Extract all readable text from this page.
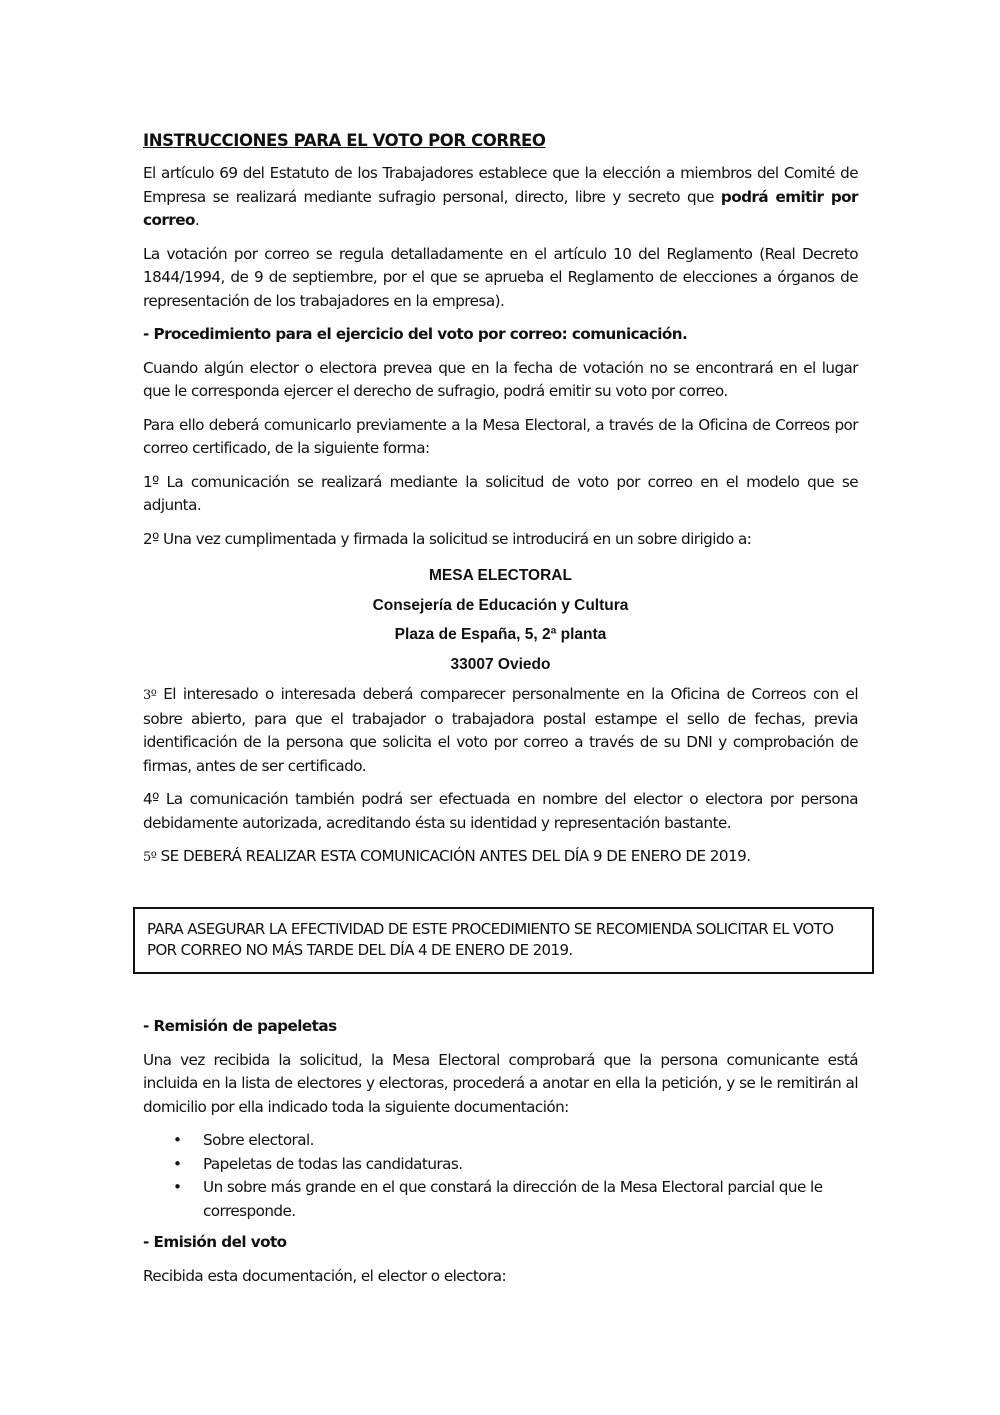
INSTRUCCIONES PARA EL VOTO POR CORREO

El artículo 69 del Estatuto de los Trabajadores establece que la elección a miembros del Comité de Empresa se realizará mediante sufragio personal, directo, libre y secreto que podrá emitir por correo.

La votación por correo se regula detalladamente en el artículo 10 del Reglamento (Real Decreto 1844/1994, de 9 de septiembre, por el que se aprueba el Reglamento de elecciones a órganos de representación de los trabajadores en la empresa).

- Procedimiento para el ejercicio del voto por correo: comunicación.

Cuando algún elector o electora prevea que en la fecha de votación no se encontrará en el lugar que le corresponda ejercer el derecho de sufragio, podrá emitir su voto por correo.

Para ello deberá comunicarlo previamente a la Mesa Electoral, a través de la Oficina de Correos por correo certificado, de la siguiente forma:

1º La comunicación se realizará mediante la solicitud de voto por correo en el modelo que se adjunta.

2º Una vez cumplimentada y firmada la solicitud se introducirá en un sobre dirigido a:

MESA ELECTORAL
Consejería de Educación y Cultura
Plaza de España, 5, 2ª planta
33007 Oviedo

3º El interesado o interesada deberá comparecer personalmente en la Oficina de Correos con el sobre abierto, para que el trabajador o trabajadora postal estampe el sello de fechas, previa identificación de la persona que solicita el voto por correo a través de su DNI y comprobación de firmas, antes de ser certificado.

4º La comunicación también podrá ser efectuada en nombre del elector o electora por persona debidamente autorizada, acreditando ésta su identidad y representación bastante.

5º SE DEBERÁ REALIZAR ESTA COMUNICACIÓN ANTES DEL DÍA 9 DE ENERO DE 2019.

PARA ASEGURAR LA EFECTIVIDAD DE ESTE PROCEDIMIENTO SE RECOMIENDA SOLICITAR EL VOTO POR CORREO NO MÁS TARDE DEL DÍA 4 DE ENERO DE 2019.
- Remisión de papeletas

Una vez recibida la solicitud, la Mesa Electoral comprobará que la persona comunicante está incluida en la lista de electores y electoras, procederá a anotar en ella la petición, y se le remitirán al domicilio por ella indicado toda la siguiente documentación:

• Sobre electoral.
• Papeletas de todas las candidaturas.
• Un sobre más grande en el que constará la dirección de la Mesa Electoral parcial que le corresponde.
- Emisión del voto

Recibida esta documentación, el elector o electora:
